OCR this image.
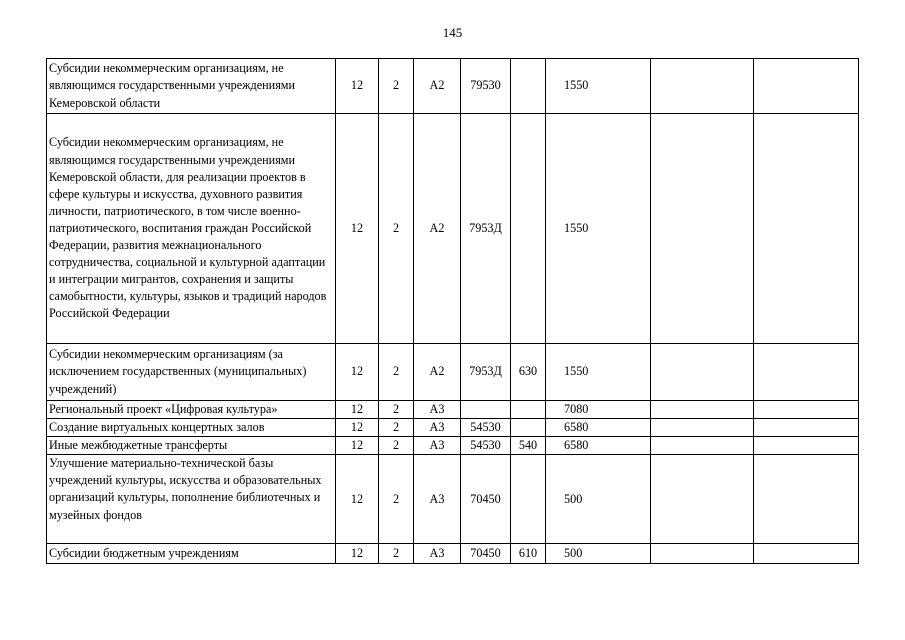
145
Субсидии некоммерческим организациям, не являющимся государственными учреждениями Кемеровской области	12	2	А2	79530		1550		
Субсидии некоммерческим организациям, не являющимся государственными учреждениями Кемеровской области, для реализации проектов в сфере культуры и искусства, духовного развития личности, патриотического, в том числе военно-патриотического, воспитания граждан Российской Федерации, развития межнационального сотрудничества, социальной и культурной адаптации и интеграции мигрантов, сохранения и защиты самобытности, культуры, языков и традиций народов Российской Федерации	12	2	А2	7953Д		1550		
Субсидии некоммерческим организациям (за исключением государственных (муниципальных) учреждений)	12	2	А2	7953Д	630	1550		
Региональный проект «Цифровая культура»	12	2	А3			7080		
Создание виртуальных концертных залов	12	2	А3	54530		6580		
Иные межбюджетные трансферты	12	2	А3	54530	540	6580		
Улучшение материально-технической базы учреждений культуры, искусства и образовательных организаций культуры, пополнение библиотечных и музейных фондов	12	2	А3	70450		500		
Субсидии бюджетным учреждениям	12	2	А3	70450	610	500		
